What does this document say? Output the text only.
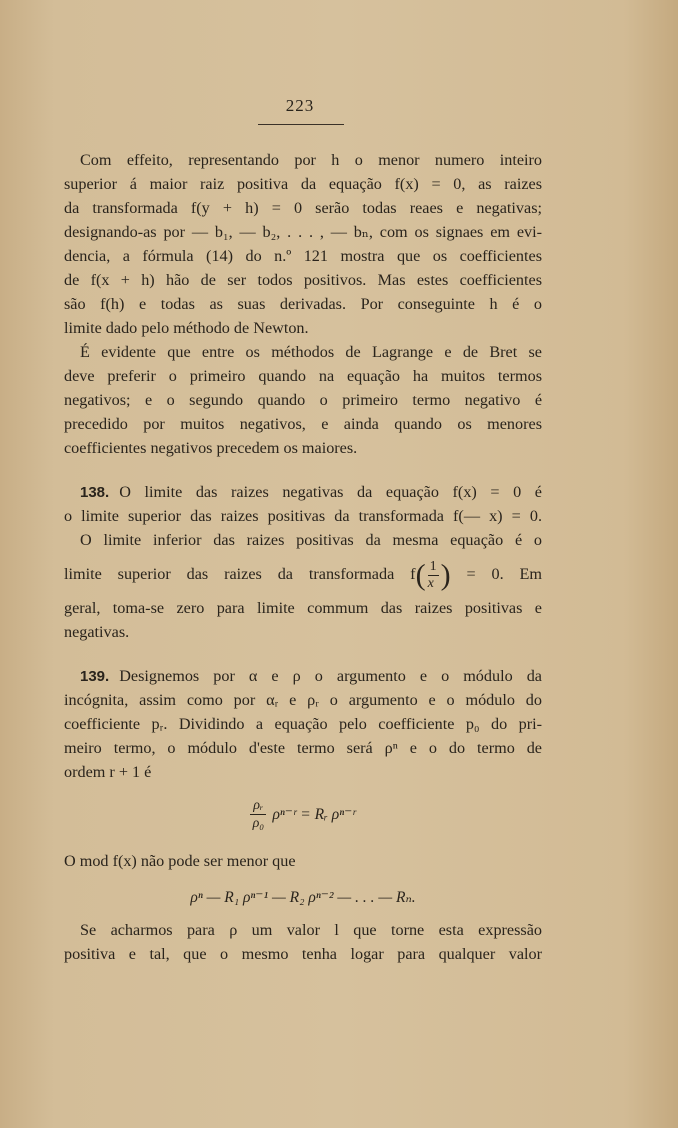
223
Com effeito, representando por h o menor numero inteiro
superior á maior raiz positiva da equação f(x) = 0, as raizes
da transformada f(y + h) = 0 serão todas reaes e negativas;
designando-as por — b₁, — b₂, . . . , — bₙ, com os signaes em evi-
dencia, a fórmula (14) do n.º 121 mostra que os coefficientes
de f(x + h) hão de ser todos positivos. Mas estes coefficientes
são f(h) e todas as suas derivadas. Por conseguinte h é o
limite dado pelo méthodo de Newton.
É evidente que entre os méthodos de Lagrange e de Bret se
deve preferir o primeiro quando na equação ha muitos termos
negativos; e o segundo quando o primeiro termo negativo é
precedido por muitos negativos, e ainda quando os menores
coefficientes negativos precedem os maiores.
138. O limite das raizes negativas da equação f(x) = 0 é
o limite superior das raizes positivas da transformada f(— x) = 0.
O limite inferior das raizes positivas da mesma equação é o
limite superior das raizes da transformada $f( \frac{1}{x}$ ) = 0. Em
geral, toma-se zero para limite commum das raizes positivas e
negativas.
139. Designemos por α e ρ o argumento e o módulo da
incógnita, assim como por αᵣ e ρᵣ o argumento e o módulo do
coefficiente pᵣ. Dividindo a equação pelo coefficiente p₀ do pri-
meiro termo, o módulo d'este termo será ρⁿ e o do termo de
ordem r + 1 é
$\frac{\text{ρᵣ}}{\text{ρ₀}}$ ρⁿ⁻ʳ = Rᵣ ρⁿ⁻ʳ
O mod f(x) não pode ser menor que
ρⁿ — R₁ ρⁿ⁻¹ — R₂ ρⁿ⁻² — . . . — Rₙ.
Se acharmos para ρ um valor l que torne esta expressão
positiva e tal, que o mesmo tenha logar para qualquer valor
